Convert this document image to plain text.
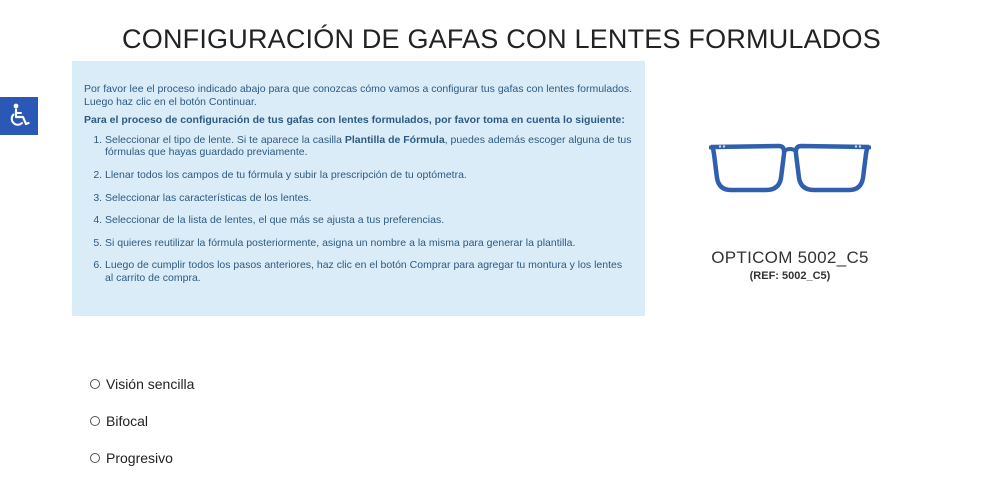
CONFIGURACIÓN DE GAFAS CON LENTES FORMULADOS

Por favor lee el proceso indicado abajo para que conozcas cómo vamos a configurar tus gafas con lentes formulados. Luego haz clic en el botón Continuar.

Para el proceso de configuración de tus gafas con lentes formulados, por favor toma en cuenta lo siguiente:

1. Seleccionar el tipo de lente. Si te aparece la casilla Plantilla de Fórmula, puedes además escoger alguna de tus fórmulas que hayas guardado previamente.
2. Llenar todos los campos de tu fórmula y subir la prescripción de tu optómetra.
3. Seleccionar las características de los lentes.
4. Seleccionar de la lista de lentes, el que más se ajusta a tus preferencias.
5. Si quieres reutilizar la fórmula posteriormente, asigna un nombre a la misma para generar la plantilla.
6. Luego de cumplir todos los pasos anteriores, haz clic en el botón Comprar para agregar tu montura y los lentes al carrito de compra.
OPTICOM 5002_C5
(REF: 5002_C5)
Visión sencilla
Bifocal
Progresivo
